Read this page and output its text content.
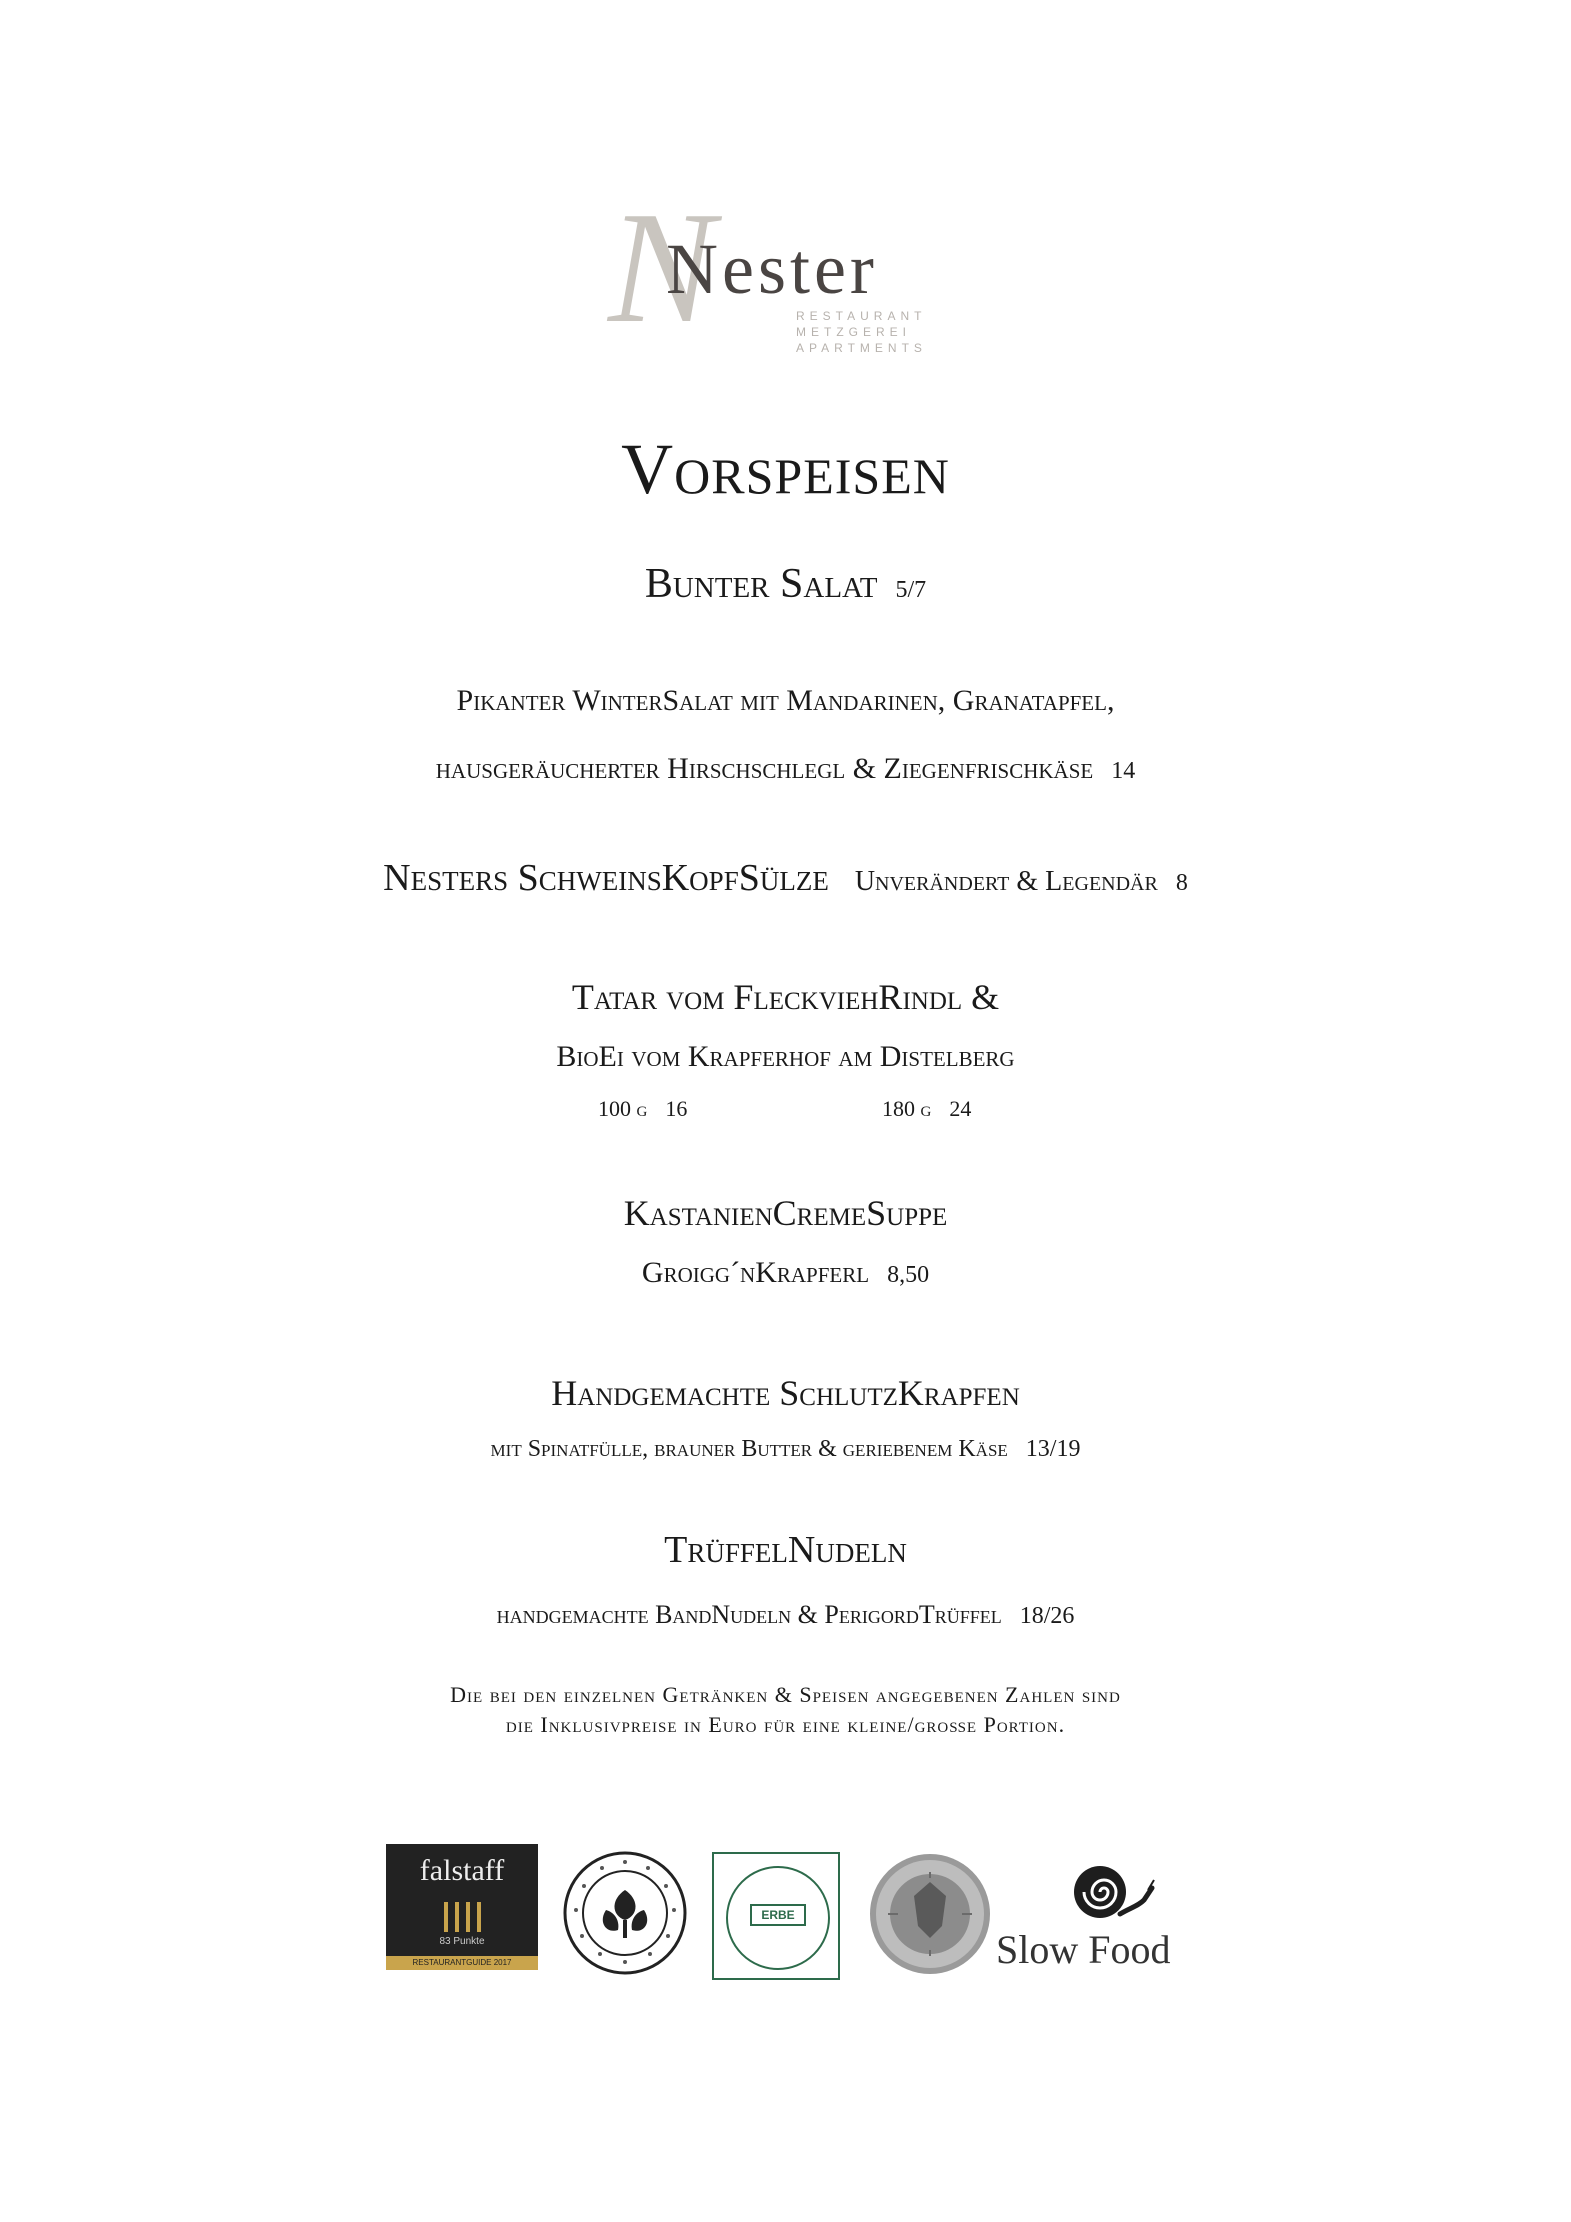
N
Nester
RESTAURANT
METZGEREI
APARTMENTS
Vorspeisen
Bunter Salat 5/7
Pikanter WinterSalat mit Mandarinen, Granatapfel,
hausgeräucherter Hirschschlegl & Ziegenfrischkäse 14
Nesters SchweinsKopfSülze Unverändert & Legendär 8
Tatar vom FleckviehRindl &
BioEi vom Krapferhof am Distelberg
100 g 16	180 g 24
KastanienCremeSuppe
Groigg´nKrapferl 8,50
Handgemachte SchlutzKrapfen
mit Spinatfülle, brauner Butter & geriebenem Käse 13/19
TrüffelNudeln
handgemachte BandNudeln & PerigordTrüffel 18/26
Die bei den einzelnen Getränken & Speisen angegebenen Zahlen sind
die Inklusivpreise in Euro für eine kleine/große Portion.
falstaff
83 Punkte
RESTAURANTGUIDE 2017
ERBE
Slow Food
